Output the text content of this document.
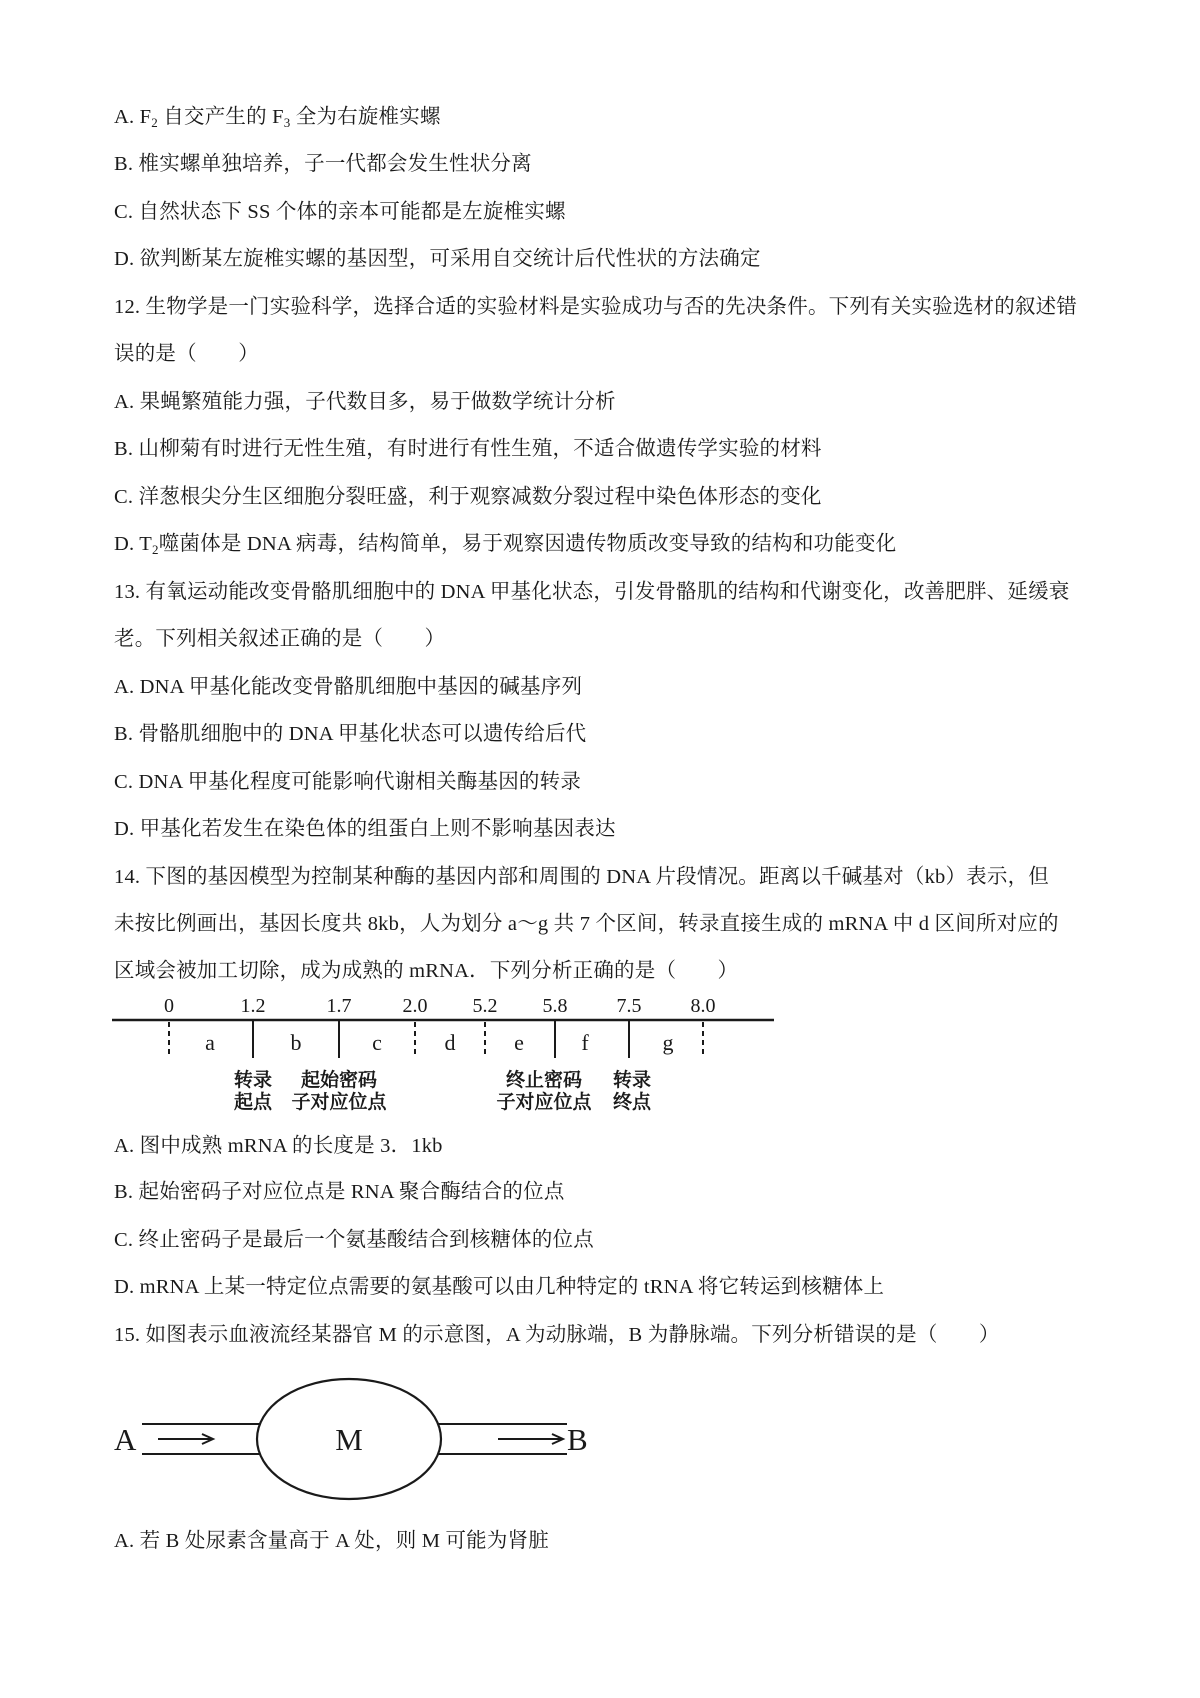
A. $F_2$ 自交产生的 $F_3$ 全为右旋椎实螺
B. 椎实螺单独培养，子一代都会发生性状分离
C. 自然状态下 SS 个体的亲本可能都是左旋椎实螺
D. 欲判断某左旋椎实螺的基因型，可采用自交统计后代性状的方法确定
12. 生物学是一门实验科学，选择合适的实验材料是实验成功与否的先决条件。下列有关实验选材的叙述错
误的是（　　）
A. 果蝇繁殖能力强，子代数目多，易于做数学统计分析
B. 山柳菊有时进行无性生殖，有时进行有性生殖，不适合做遗传学实验的材料
C. 洋葱根尖分生区细胞分裂旺盛，利于观察减数分裂过程中染色体形态的变化
D. $T_2$噬菌体是 DNA 病毒，结构简单，易于观察因遗传物质改变导致的结构和功能变化
13. 有氧运动能改变骨骼肌细胞中的 DNA 甲基化状态，引发骨骼肌的结构和代谢变化，改善肥胖、延缓衰
老。下列相关叙述正确的是（　　）
A. DNA 甲基化能改变骨骼肌细胞中基因的碱基序列
B. 骨骼肌细胞中的 DNA 甲基化状态可以遗传给后代
C. DNA 甲基化程度可能影响代谢相关酶基因的转录
D. 甲基化若发生在染色体的组蛋白上则不影响基因表达
14. 下图的基因模型为控制某种酶的基因内部和周围的 DNA 片段情况。距离以千碱基对（kb）表示，但
未按比例画出，基因长度共 8kb，人为划分 a～g 共 7 个区间，转录直接生成的 mRNA 中 d 区间所对应的
区域会被加工切除，成为成熟的 mRNA．下列分析正确的是（　　）
0	1.2	1.7	2.0 5.2 5.8 7.5 8.0
a	b	c	d	e	f	g
转录
起点
起始密码
子对应位点
终止密码
子对应位点
转录
终点
A. 图中成熟 mRNA 的长度是 3．1kb
B. 起始密码子对应位点是 RNA 聚合酶结合的位点
C. 终止密码子是最后一个氨基酸结合到核糖体的位点
D. mRNA 上某一特定位点需要的氨基酸可以由几种特定的 tRNA 将它转运到核糖体上
15. 如图表示血液流经某器官 M 的示意图，A 为动脉端，B 为静脉端。下列分析错误的是（　　）
A	M	B
A. 若 B 处尿素含量高于 A 处，则 M 可能为肾脏
